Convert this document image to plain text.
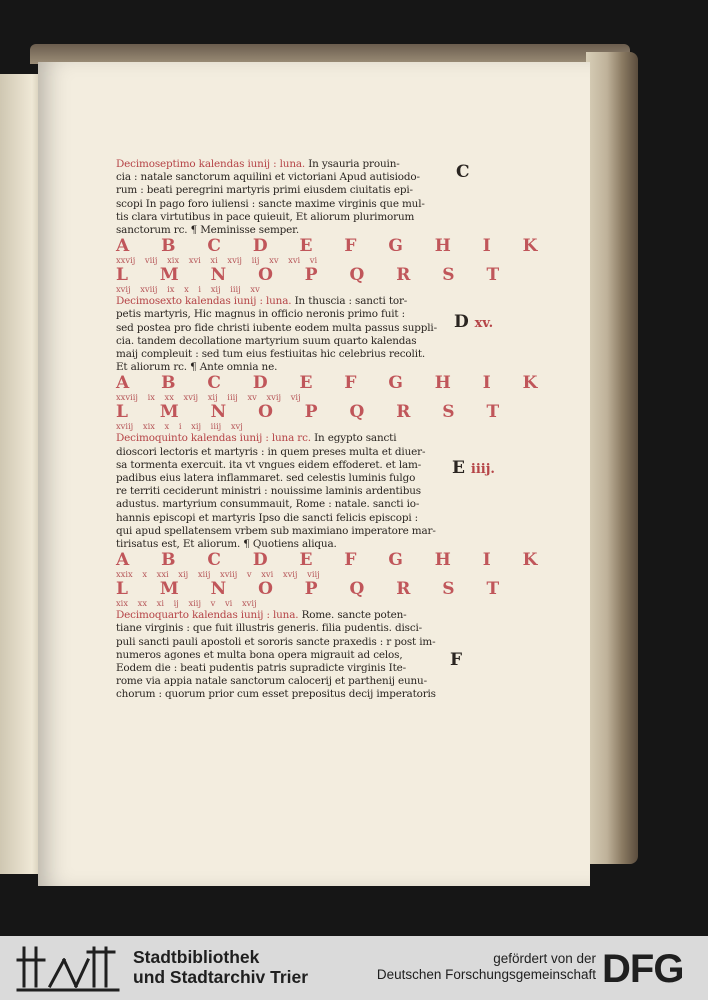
Decimoseptimo kalendas iunij : luna. In ysauria prouin-
cia : natale sanctorum aquilini et victoriani Apud autisiodo-
rum : beati peregrini martyris primi eiusdem ciuitatis epi-
scopi In pago foro iuliensi : sancte maxime virginis que mul-
tis clara virtutibus in pace quieuit, Et aliorum plurimorum
sanctorum rc. ¶ Meminisse semper.
A B C D E F G H I K
xxvij viij xix xvi xi xvij iij xv xvi vi
L M N O P Q R S T
xvij xviij ix x i xij iiij xv
Decimosexto kalendas iunij : luna. In thuscia : sancti tor-
petis martyris, Hic magnus in officio neronis primo fuit :
sed postea pro fide christi iubente eodem multa passus suppli-
cia. tandem decollatione martyrium suum quarto kalendas
maij compleuit : sed tum eius festiuitas hic celebrius recolit.
Et aliorum rc. ¶ Ante omnia ne.
A B C D E F G H I K
xxviij ix xx xvij xij iiij xv xvij vij
L M N O P Q R S T
xviij xix x i xij iiij xvj
Decimoquinto kalendas iunij : luna rc. In egypto sancti
dioscori lectoris et martyris : in quem preses multa et diuer-
sa tormenta exercuit. ita vt vngues eidem effoderet. et lam-
padibus eius latera inflammaret. sed celestis luminis fulgo
re territi ceciderunt ministri : nouissime laminis ardentibus
adustus. martyrium consummauit, Rome : natale. sancti io-
hannis episcopi et martyris Ipso die sancti felicis episcopi :
qui apud spellatensem vrbem sub maximiano imperatore mar-
tirisatus est, Et aliorum. ¶ Quotiens aliqua.
A B C D E F G H I K
xxix x xxi xij xiij xviij v xvi xvij viij
L M N O P Q R S T
xix xx xi ij xiij v vi xvij
Decimoquarto kalendas iunij : luna. Rome. sancte poten-
tiane virginis : que fuit illustris generis. filia pudentis. disci-
puli sancti pauli apostoli et sororis sancte praxedis : r post im-
numeros agones et multa bona opera migrauit ad celos,
Eodem die : beati pudentis patris supradicte virginis Ite-
rome via appia natale sanctorum calocerij et parthenij eunu-
chorum : quorum prior cum esset prepositus decij imperatoris
C
D xv.
E iiij.
F
Stadtbibliothek
und Stadtarchiv Trier
gefördert von der
Deutschen Forschungsgemeinschaft DFG
